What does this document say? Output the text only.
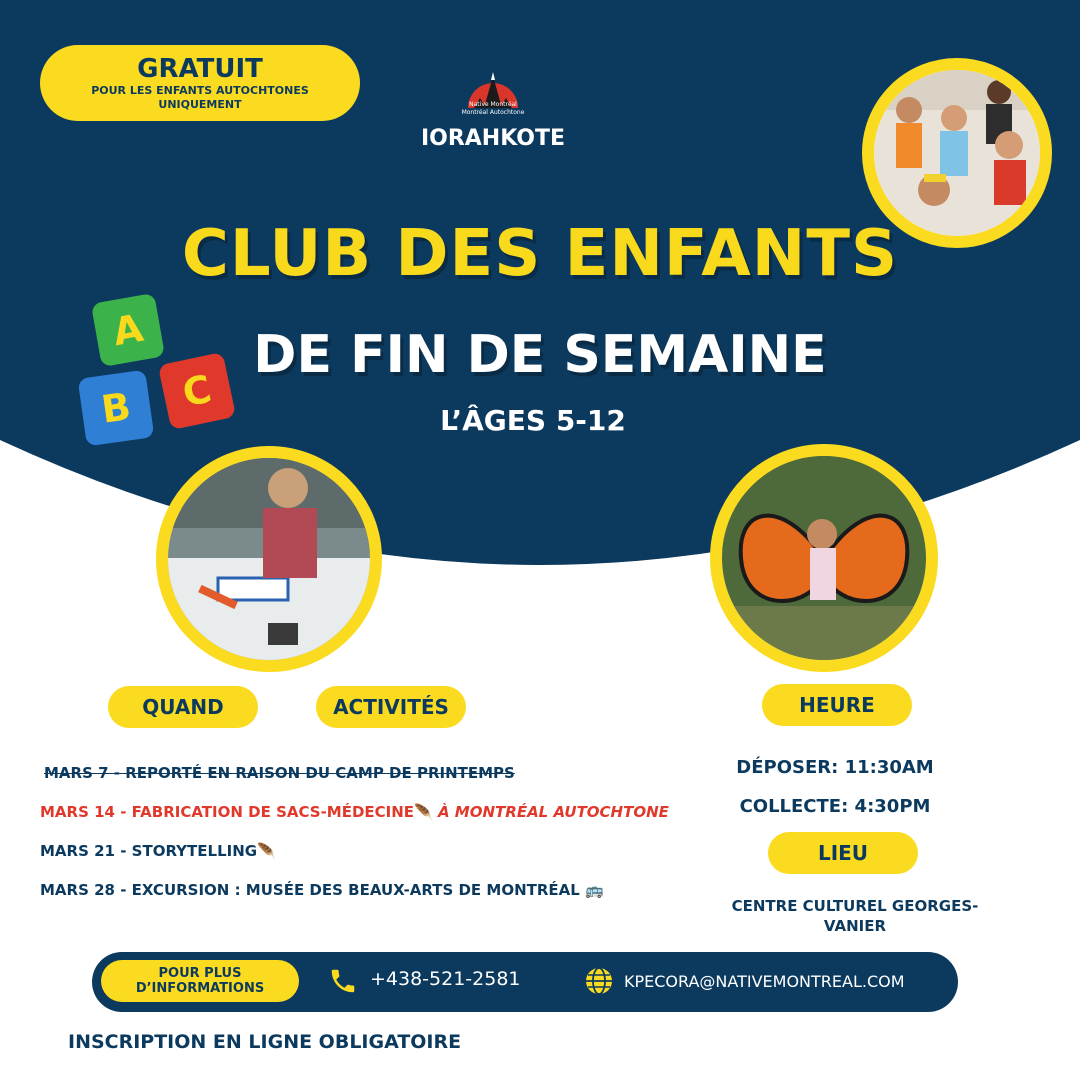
GRATUIT
POUR LES ENFANTS AUTOCHTONES
UNIQUEMENT	Native Montréal
Montréal Autochtone
IORAHKOTE
CLUB DES ENFANTS
DE FIN DE SEMAINE
L’ÂGES 5-12
A
B C
QUAND	ACTIVITÉS	HEURE
MARS 7 - REPORTÉ EN RAISON DU CAMP DE PRINTEMPS
MARS 14 - FABRICATION DE SACS-MÉDECINE🪶 À MONTRÉAL AUTOCHTONE
MARS 21 - STORYTELLING🪶
MARS 28 - EXCURSION : MUSÉE DES BEAUX-ARTS DE MONTRÉAL 🚌
DÉPOSER: 11:30AM
COLLECTE: 4:30PM
LIEU
CENTRE CULTUREL GEORGES-
VANIER
POUR PLUS
D’INFORMATIONS	+438-521-2581	KPECORA@NATIVEMONTREAL.COM
INSCRIPTION EN LIGNE OBLIGATOIRE
